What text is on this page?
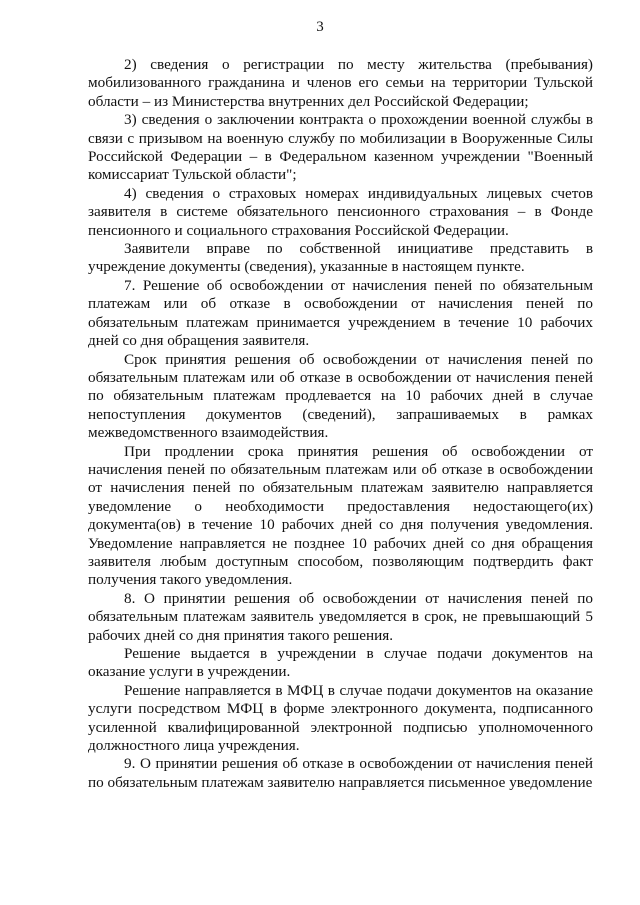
3

2) сведения о регистрации по месту жительства (пребывания) мобилизованного гражданина и членов его семьи на территории Тульской области – из Министерства внутренних дел Российской Федерации;

3) сведения о заключении контракта о прохождении военной службы в связи с призывом на военную службу по мобилизации в Вооруженные Силы Российской Федерации – в Федеральном казенном учреждении "Военный комиссариат Тульской области";

4) сведения о страховых номерах индивидуальных лицевых счетов заявителя в системе обязательного пенсионного страхования – в Фонде пенсионного и социального страхования Российской Федерации.

Заявители вправе по собственной инициативе представить в учреждение документы (сведения), указанные в настоящем пункте.

7. Решение об освобождении от начисления пеней по обязательным платежам или об отказе в освобождении от начисления пеней по обязательным платежам принимается учреждением в течение 10 рабочих дней со дня обращения заявителя.

Срок принятия решения об освобождении от начисления пеней по обязательным платежам или об отказе в освобождении от начисления пеней по обязательным платежам продлевается на 10 рабочих дней в случае непоступления документов (сведений), запрашиваемых в рамках межведомственного взаимодействия.

При продлении срока принятия решения об освобождении от начисления пеней по обязательным платежам или об отказе в освобождении от начисления пеней по обязательным платежам заявителю направляется уведомление о необходимости предоставления недостающего(их) документа(ов) в течение 10 рабочих дней со дня получения уведомления. Уведомление направляется не позднее 10 рабочих дней со дня обращения заявителя любым доступным способом, позволяющим подтвердить факт получения такого уведомления.

8. О принятии решения об освобождении от начисления пеней по обязательным платежам заявитель уведомляется в срок, не превышающий 5 рабочих дней со дня принятия такого решения.

Решение выдается в учреждении в случае подачи документов на оказание услуги в учреждении.

Решение направляется в МФЦ в случае подачи документов на оказание услуги посредством МФЦ в форме электронного документа, подписанного усиленной квалифицированной электронной подписью уполномоченного должностного лица учреждения.

9. О принятии решения об отказе в освобождении от начисления пеней по обязательным платежам заявителю направляется письменное уведомление
